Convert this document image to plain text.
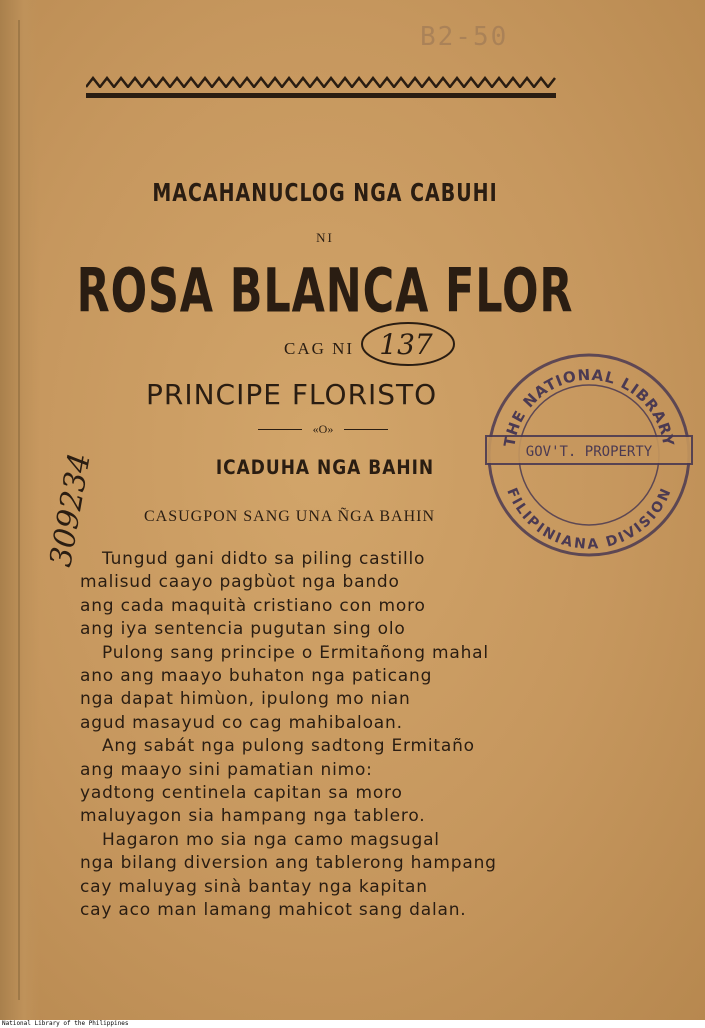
B2-50
MACAHANUCLOG NGA CABUHI
NI
ROSA BLANCA FLOR
CAG NI 137
PRINCIPE FLORISTO
«O»
ICADUHA NGA BAHIN
CASUGPON SANG UNA ÑGA BAHIN
Tungud gani didto sa piling castillo
malisud caayo pagbùot nga bando
ang cada maquità cristiano con moro
ang iya sentencia pugutan sing olo
Pulong sang principe o Ermitañong mahal
ano ang maayo buhaton nga paticang
nga dapat himùon, ipulong mo nian
agud masayud co cag mahibaloan.
Ang sabát nga pulong sadtong Ermitaño
ang maayo sini pamatian nimo:
yadtong centinela capitan sa moro
maluyagon sia hampang nga tablero.
Hagaron mo sia nga camo magsugal
nga bilang diversion ang tablerong hampang
cay maluyag sinà bantay nga kapitan
cay aco man lamang mahicot sang dalan.
THE NATIONAL LIBRARY
GOV'T. PROPERTY
FILIPINIANA DIVISION
309234
National Library of the Philippines
